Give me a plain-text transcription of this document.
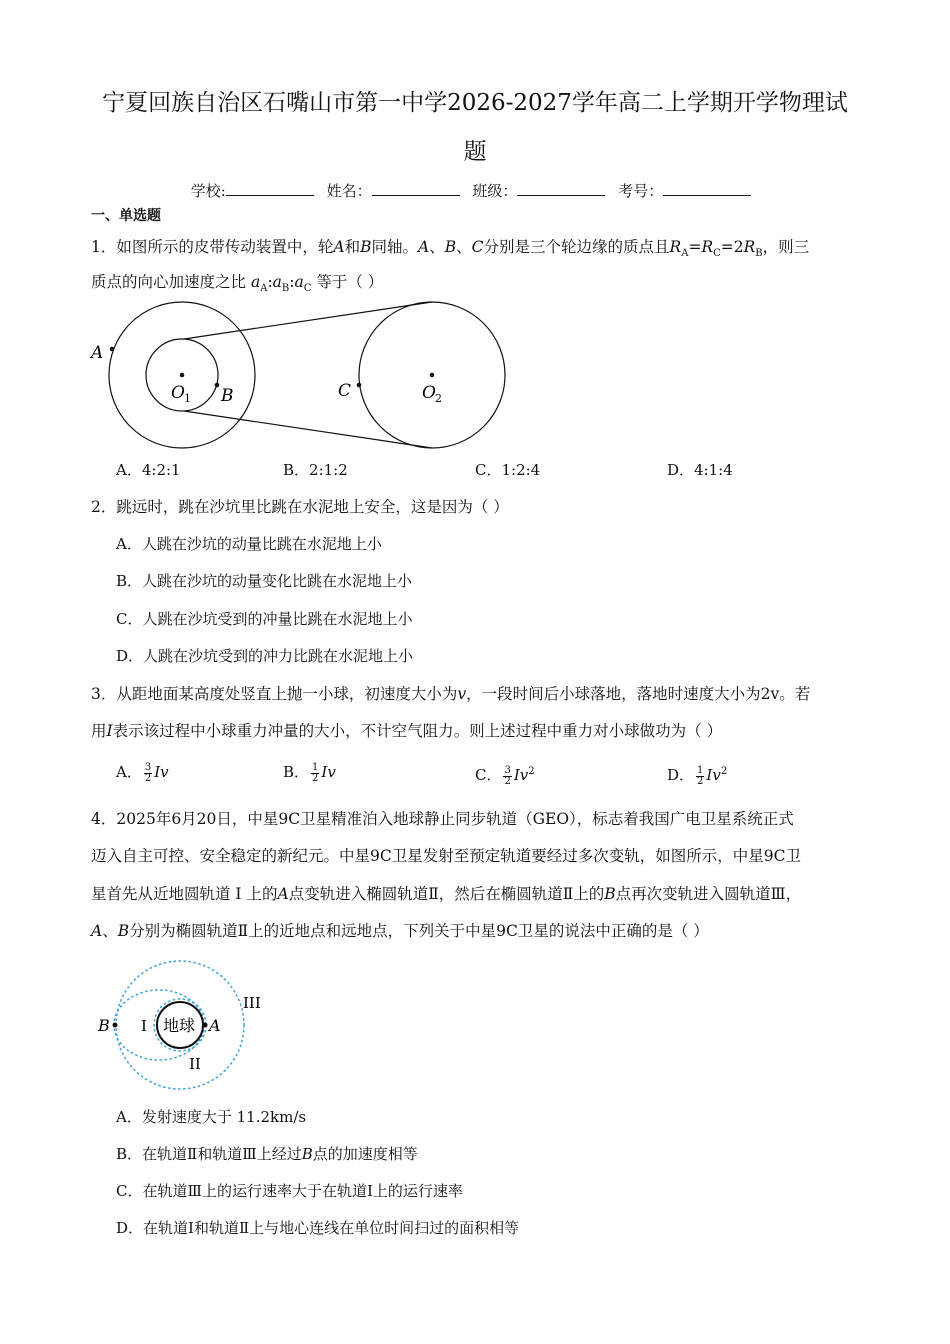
宁夏回族自治区石嘴山市第一中学2026-2027学年高二上学期开学物理试
题
学校:	姓名：	班级：	考号：
一、单选题
1．如图所示的皮带传动装置中，轮A和B同轴。A、B、C分别是三个轮边缘的质点且$R_A=R_C=2R_B$，则三
质点的向心加速度之比 $a_A:a_B:a_C$ 等于（ ）
A
O 1 B	C	O 2
A．4:2:1	B．2:1:2	C．1:2:4	D．4:1:4
2．跳远时，跳在沙坑里比跳在水泥地上安全，这是因为（ ）
A．人跳在沙坑的动量比跳在水泥地上小
B．人跳在沙坑的动量变化比跳在水泥地上小
C．人跳在沙坑受到的冲量比跳在水泥地上小
D．人跳在沙坑受到的冲力比跳在水泥地上小
3．从距地面某高度处竖直上抛一小球，初速度大小为v，一段时间后小球落地，落地时速度大小为2v。若
用I表示该过程中小球重力冲量的大小，不计空气阻力。则上述过程中重力对小球做功为（ ）
A． $\frac{3}{2}$ Iv	B． $\frac{1}{2}$ Iv	C． $\frac{3}{2} Iv^2$	D． $\frac{1}{2} Iv^2$
4．2025年6月20日，中星9C卫星精准泊入地球静止同步轨道（GEO），标志着我国广电卫星系统正式
迈入自主可控、安全稳定的新纪元。中星9C卫星发射至预定轨道要经过多次变轨，如图所示，中星9C卫
星首先从近地圆轨道 I 上的A点变轨进入椭圆轨道Ⅱ，然后在椭圆轨道Ⅱ上的B点再次变轨进入圆轨道Ⅲ，
A、B分别为椭圆轨道Ⅱ上的近地点和远地点，下列关于中星9C卫星的说法中正确的是（ ）
地球
I
II
III
B	A
A．发射速度大于 11.2km/s
B．在轨道Ⅱ和轨道Ⅲ上经过B点的加速度相等
C．在轨道Ⅲ上的运行速率大于在轨道Ⅰ上的运行速率
D．在轨道Ⅰ和轨道Ⅱ上与地心连线在单位时间扫过的面积相等
